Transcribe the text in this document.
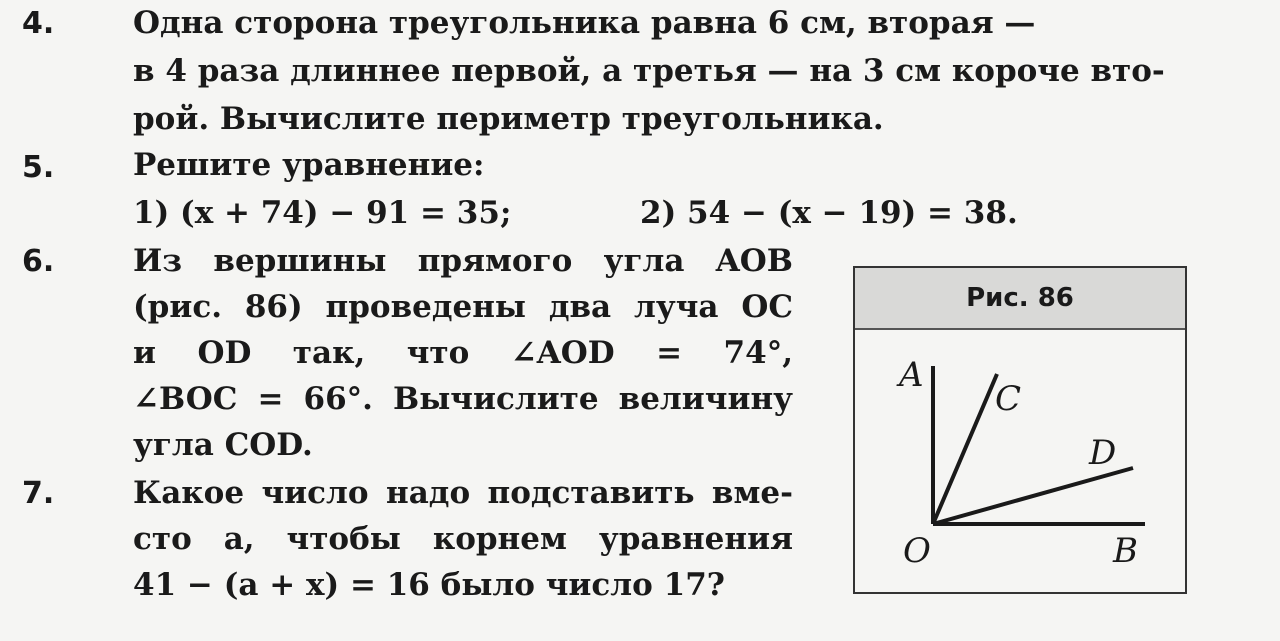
4.	Одна сторона треугольника равна 6 см, вторая —
в 4 раза длиннее первой, а третья — на 3 см короче вто-
рой. Вычислите периметр треугольника.
5.	Решите уравнение:
1) (x + 74) − 91 = 35;	2) 54 − (x − 19) = 38.
6.	Из вершины прямого угла AOB
(рис. 86) проведены два луча OC
и OD так, что ∠AOD = 74°,
∠BOC = 66°. Вычислите величину
угла COD.
7.	Какое число надо подставить вме-
сто a, чтобы корнем уравнения
41 − (a + x) = 16 было число 17?
Рис. 86
A
C
D
O	B
